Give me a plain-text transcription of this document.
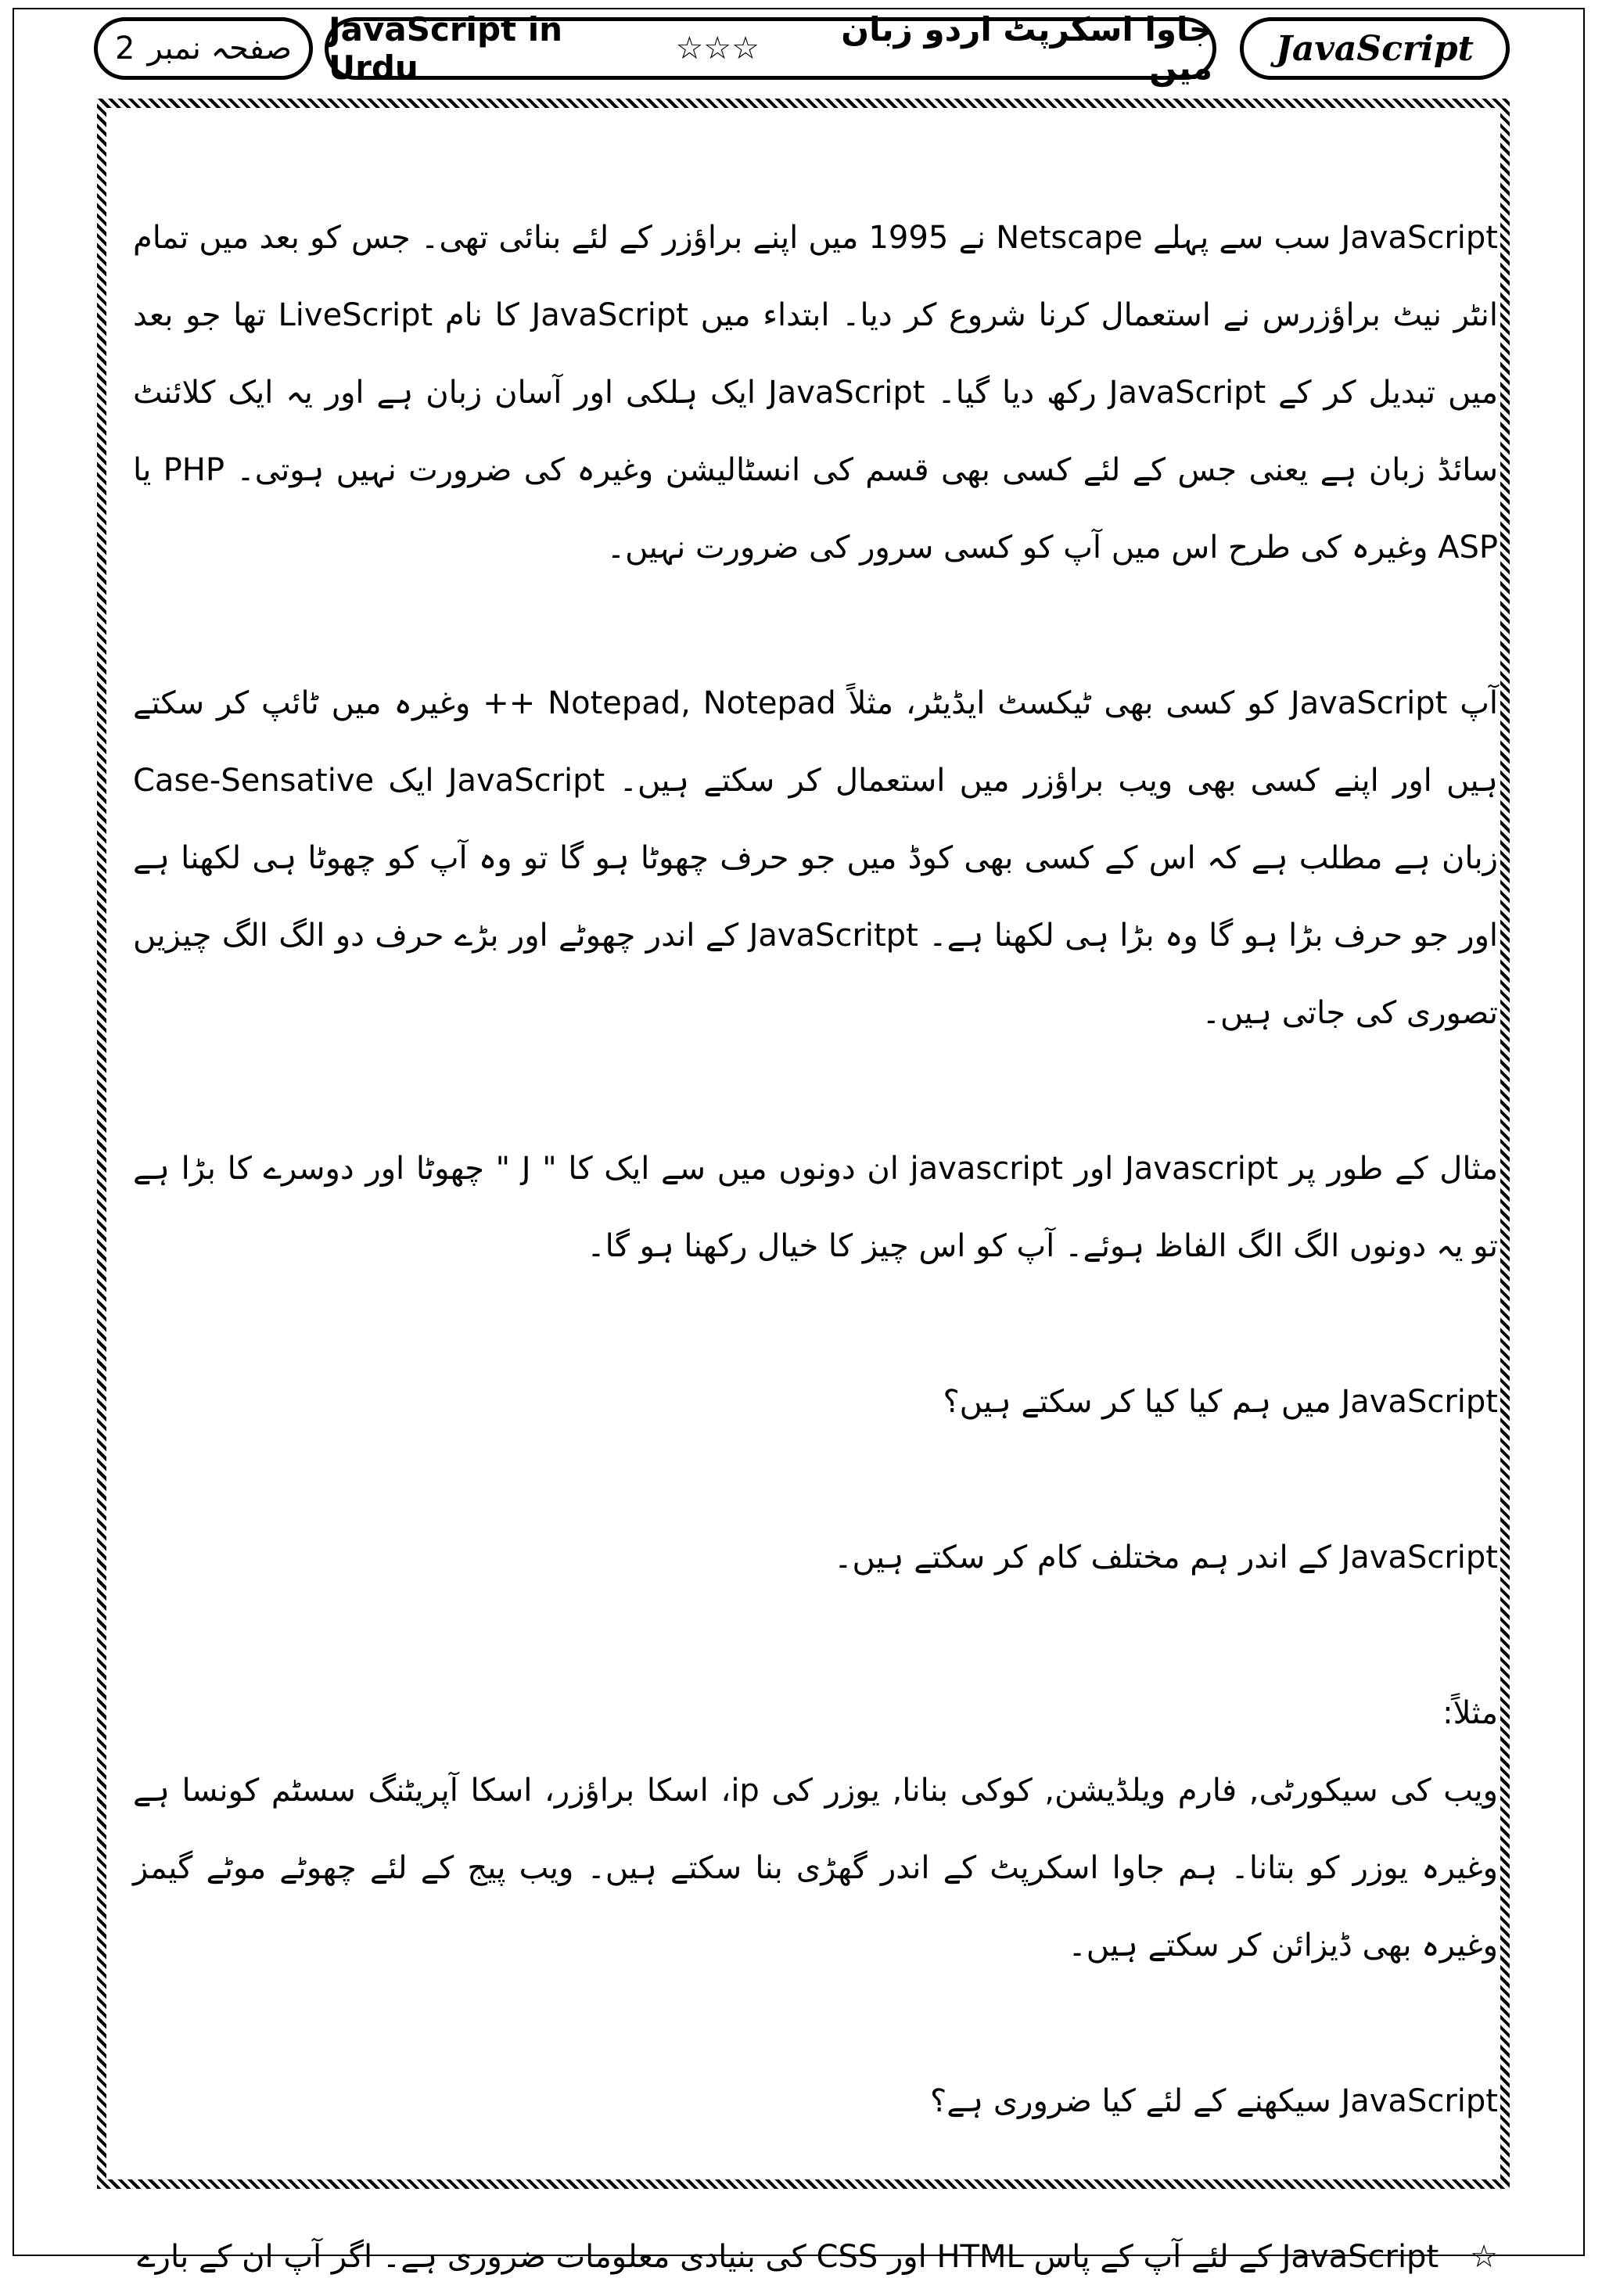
صفحہ نمبر
2	JavaScript in Urdu	☆☆☆	جاوا اسکرپٹ اردو زبان میں	JavaScript

JavaScript سب سے پہلے Netscape نے 1995 میں اپنے براؤزر کے لئے بنائی تھی۔ جس کو بعد میں تمام انٹر نیٹ براؤزرس نے استعمال کرنا شروع کر دیا۔ ابتداء میں JavaScript کا نام LiveScript تھا جو بعد میں تبدیل کر کے JavaScript رکھ دیا گیا۔ JavaScript ایک ہلکی اور آسان زبان ہے اور یہ ایک کلائنٹ سائڈ زبان ہے یعنی جس کے لئے کسی بھی قسم کی انسٹالیشن وغیرہ کی ضرورت نہیں ہوتی۔ PHP یا ASP وغیرہ کی طرح اس میں آپ کو کسی سرور کی ضرورت نہیں۔

آپ JavaScript کو کسی بھی ٹیکسٹ ایڈیٹر، مثلاً Notepad, Notepad ++ وغیرہ میں ٹائپ کر سکتے ہیں اور اپنے کسی بھی ویب براؤزر میں استعمال کر سکتے ہیں۔ JavaScript ایک Case-Sensative زبان ہے مطلب ہے کہ اس کے کسی بھی کوڈ میں جو حرف چھوٹا ہو گا تو وہ آپ کو چھوٹا ہی لکھنا ہے اور جو حرف بڑا ہو گا وہ بڑا ہی لکھنا ہے۔ JavaScritpt کے اندر چھوٹے اور بڑے حرف دو الگ الگ چیزیں تصوری کی جاتی ہیں۔

مثال کے طور پر Javascript اور javascript ان دونوں میں سے ایک کا " J " چھوٹا اور دوسرے کا بڑا ہے تو یہ دونوں الگ الگ الفاظ ہوئے۔ آپ کو اس چیز کا خیال رکھنا ہو گا۔

JavaScript میں ہم کیا کیا کر سکتے ہیں؟

JavaScript کے اندر ہم مختلف کام کر سکتے ہیں۔

مثلاً:

ویب کی سیکورٹی, فارم ویلڈیشن, کوکی بنانا, یوزر کی ip، اسکا براؤزر، اسکا آپریٹنگ سسٹم کونسا ہے وغیرہ یوزر کو بتانا۔ ہم جاوا اسکرپٹ کے اندر گھڑی بنا سکتے ہیں۔ ویب پیج کے لئے چھوٹے موٹے گیمز وغیرہ بھی ڈیزائن کر سکتے ہیں۔

JavaScript سیکھنے کے لئے کیا ضروری ہے؟

☆JavaScript کے لئے آپ کے پاس HTML اور CSS کی بنیادی معلومات ضروری ہے۔ اگر آپ ان کے بارے
